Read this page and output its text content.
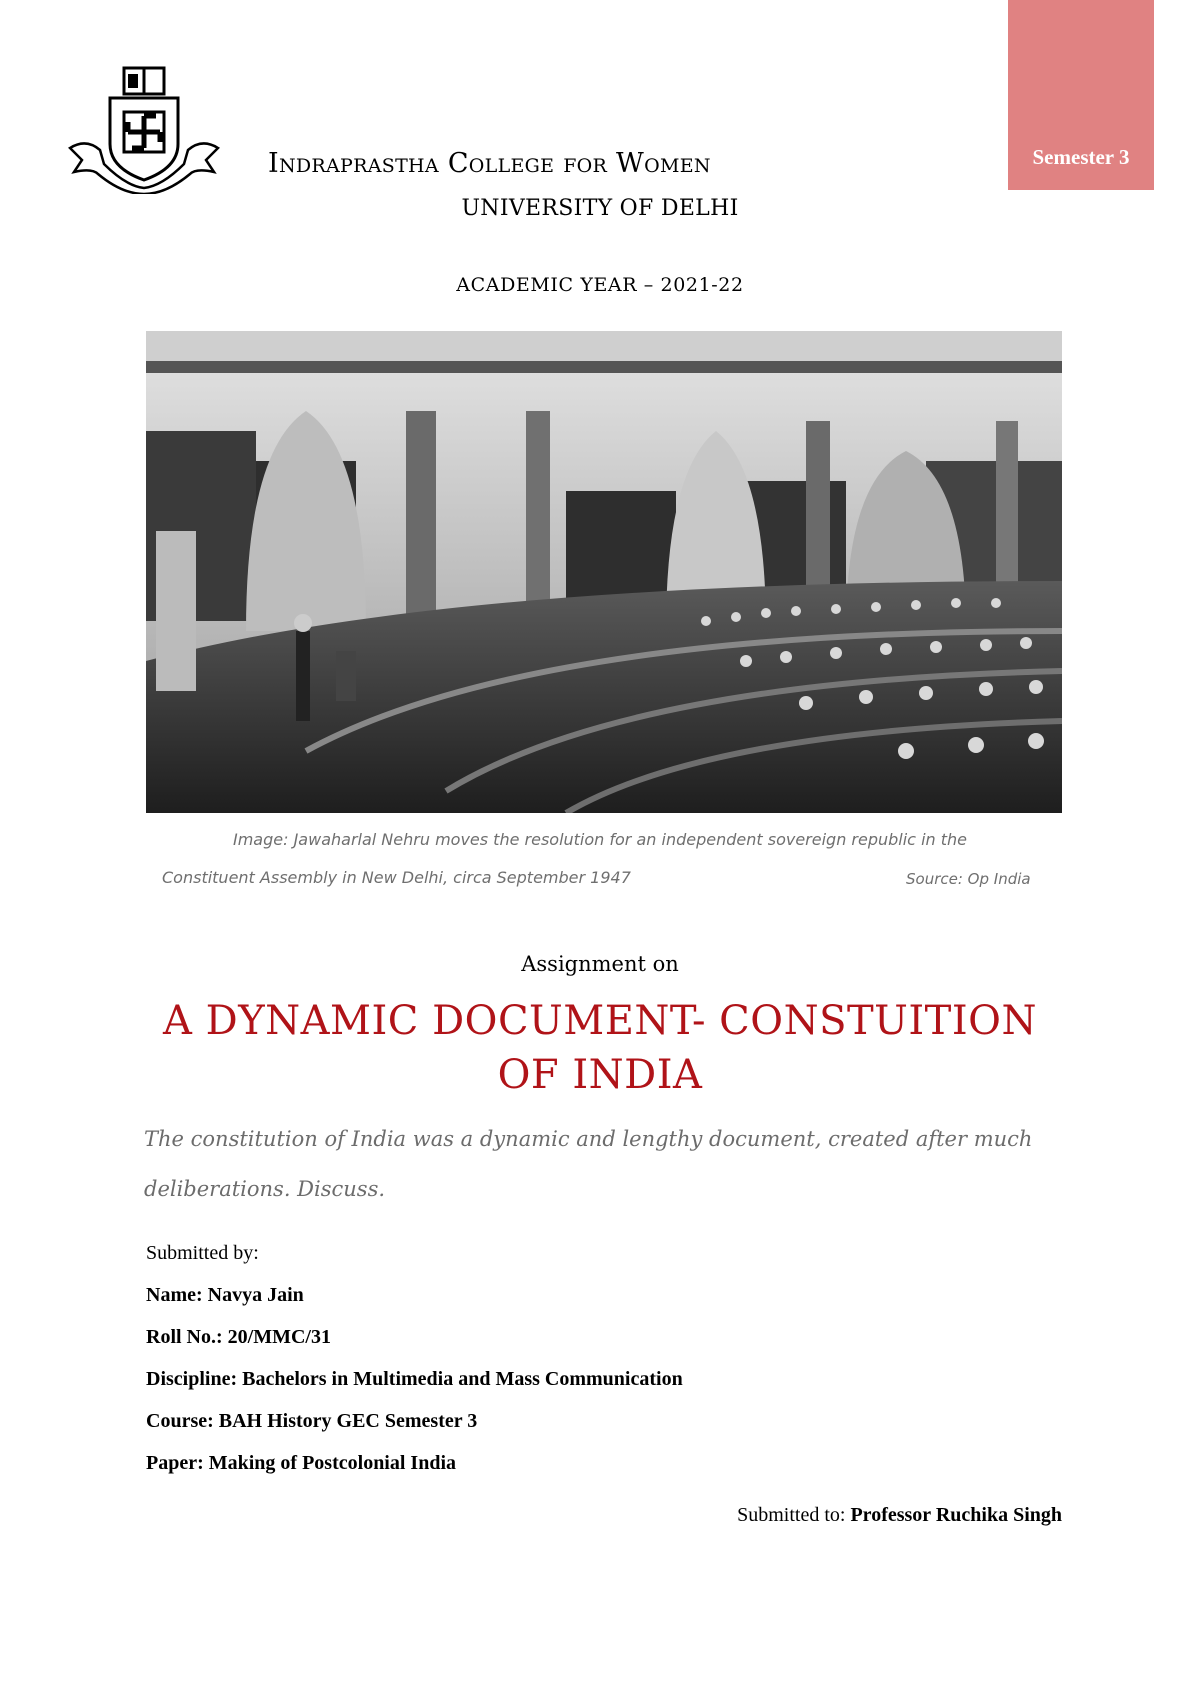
Semester 3
Indraprastha College for Women
UNIVERSITY OF DELHI
ACADEMIC YEAR – 2021-22
Image: Jawaharlal Nehru moves the resolution for an independent sovereign republic in the
Constituent Assembly in New Delhi, circa September 1947	Source: Op India
Assignment on
A DYNAMIC DOCUMENT- CONSTUITION
OF INDIA
The constitution of India was a dynamic and lengthy document, created after much deliberations. Discuss.
Submitted by:
Name: Navya Jain
Roll No.: 20/MMC/31
Discipline: Bachelors in Multimedia and Mass Communication
Course: BAH History GEC Semester 3
Paper: Making of Postcolonial India
Submitted to: Professor Ruchika Singh
